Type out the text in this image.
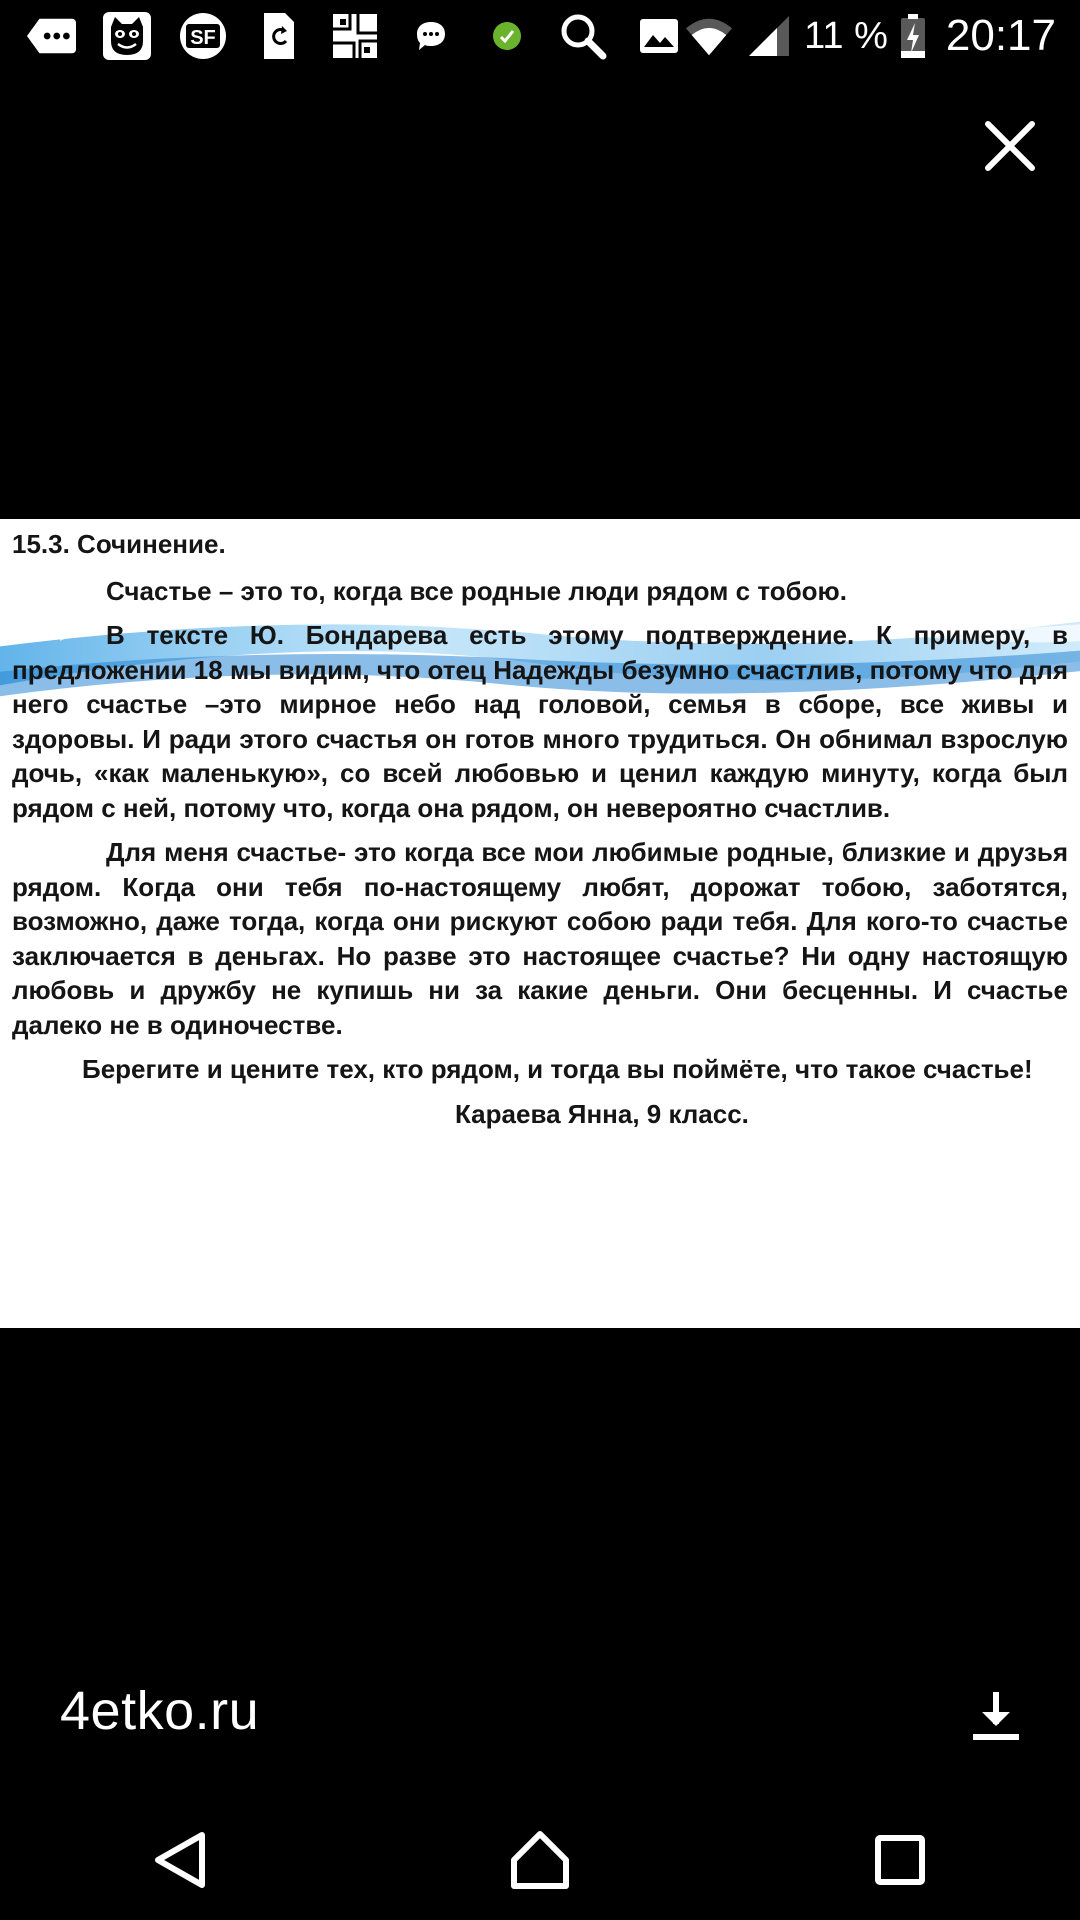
SF	11 % 20:17

15.3. Сочинение.

Счастье – это то, когда все родные люди рядом с тобою.

В тексте Ю. Бондарева есть этому подтверждение. К примеру, в предложении 18 мы видим, что отец Надежды безумно счастлив, потому что для него счастье –это мирное небо над головой, семья в сборе, все живы и здоровы. И ради этого счастья он готов много трудиться. Он обнимал взрослую дочь, «как маленькую», со всей любовью и ценил каждую минуту, когда был рядом с ней, потому что, когда она рядом, он невероятно счастлив.

Для меня счастье- это когда все мои любимые родные, близкие и друзья рядом. Когда они тебя по-настоящему любят, дорожат тобою, заботятся, возможно, даже тогда, когда они рискуют собою ради тебя. Для кого-то счастье заключается в деньгах. Но разве это настоящее счастье? Ни одну настоящую любовь и дружбу не купишь ни за какие деньги. Они бесценны. И счастье далеко не в одиночестве.

Берегите и цените тех, кто рядом, и тогда вы поймёте, что такое счастье!

Караева Янна, 9 класс.

4etko.ru
